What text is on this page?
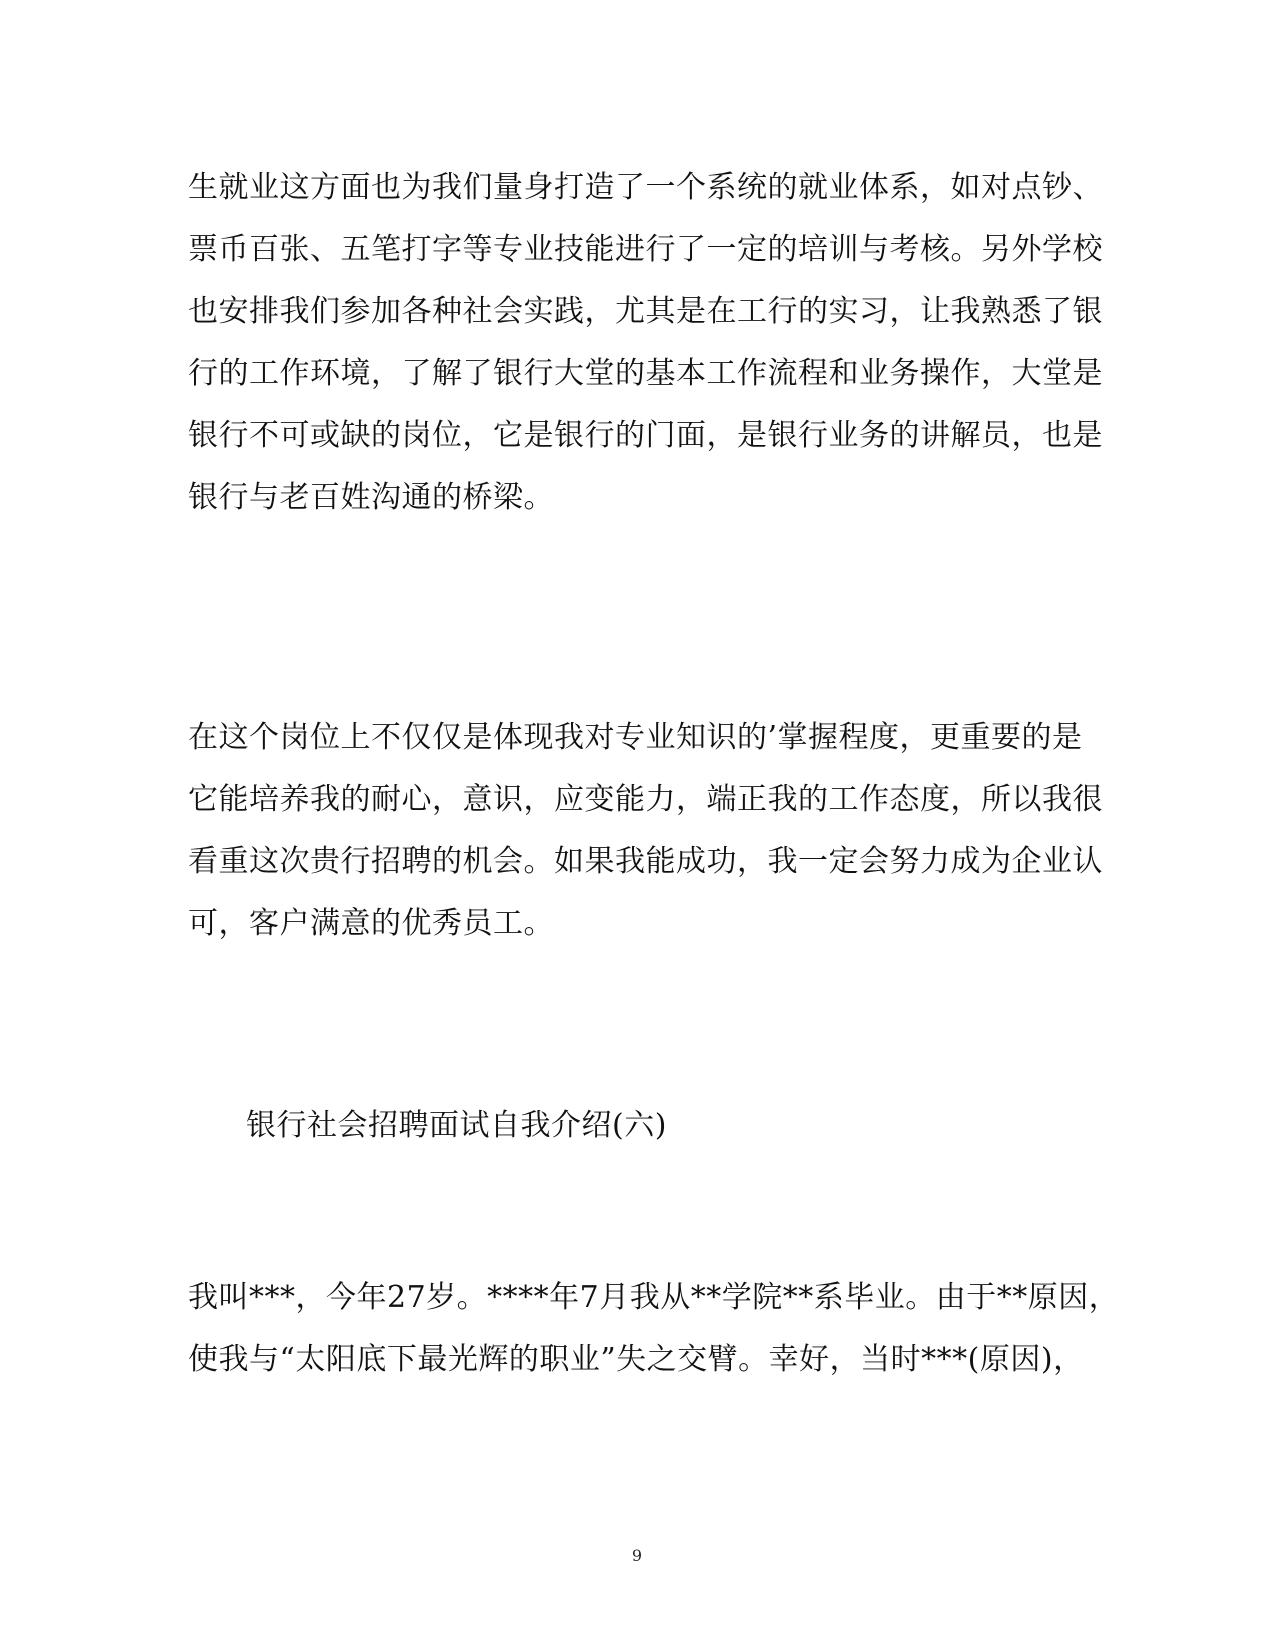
生就业这方面也为我们量身打造了一个系统的就业体系，如对点钞、
票币百张、五笔打字等专业技能进行了一定的培训与考核。另外学校
也安排我们参加各种社会实践，尤其是在工行的实习，让我熟悉了银
行的工作环境，了解了银行大堂的基本工作流程和业务操作，大堂是
银行不可或缺的岗位，它是银行的门面，是银行业务的讲解员，也是
银行与老百姓沟通的桥梁。
在这个岗位上不仅仅是体现我对专业知识的’掌握程度，更重要的是
它能培养我的耐心，意识，应变能力，端正我的工作态度，所以我很
看重这次贵行招聘的机会。如果我能成功，我一定会努力成为企业认
可，客户满意的优秀员工。
银行社会招聘面试自我介绍(六)
我叫***，今年27岁。****年7月我从**学院**系毕业。由于**原因，
使我与“太阳底下最光辉的职业”失之交臂。幸好，当时***(原因)，
9
